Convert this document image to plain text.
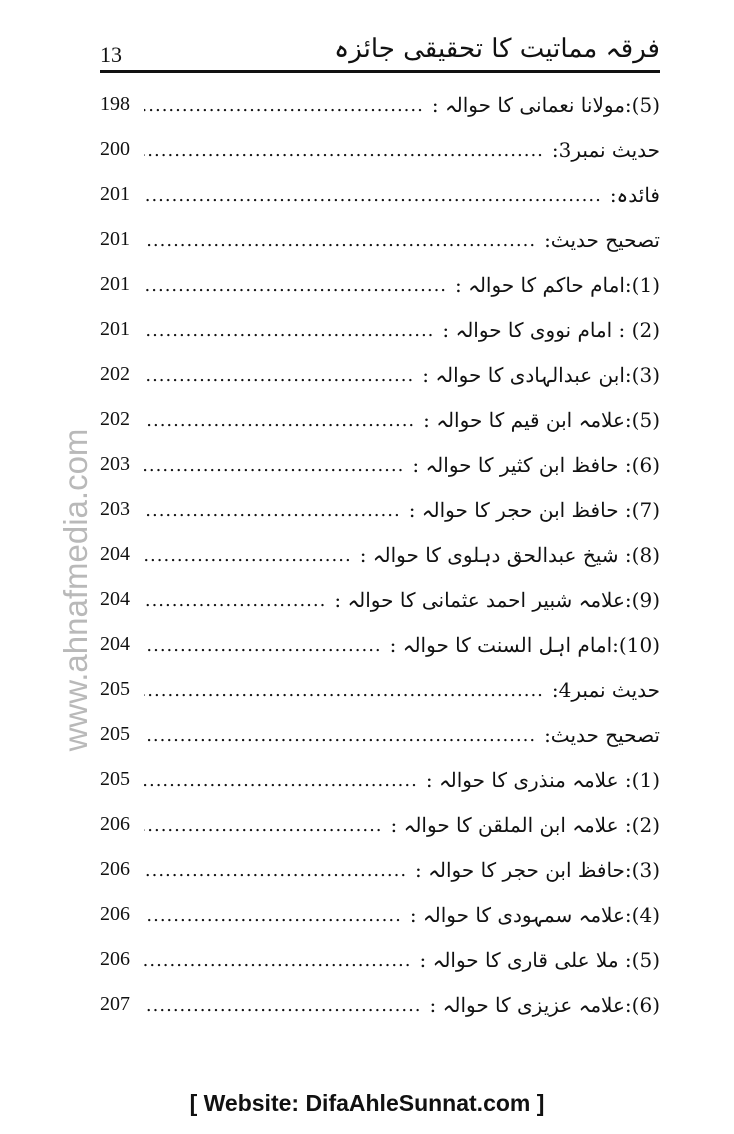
13	فرقہ مماتیت کا تحقیقی جائزہ
www.ahnafmedia.com
(5):مولانا نعمانی کا حوالہ :
.....
198
حدیث نمبر3:
.....
200
فائدہ:
.....
201
تصحیح حدیث:
.....
201
(1):امام حاکم کا حوالہ :
.....
201
(2) : امام نووی کا حوالہ :
.....
201
(3):ابن عبدالہادی کا حوالہ :
.....
202
(5):علامہ ابن قیم کا حوالہ :
.....
202
(6): حافظ ابن کثیر کا حوالہ :
.....
203
(7): حافظ ابن حجر کا حوالہ :
.....
203
(8): شیخ عبدالحق دہلوی کا حوالہ :
.....
204
(9):علامہ شبیر احمد عثمانی کا حوالہ :
.....
204
(10):امام اہل السنت کا حوالہ :
.....
204
حدیث نمبر4:
.....
205
تصحیح حدیث:
.....
205
(1): علامہ منذری کا حوالہ :
.....
205
(2): علامہ ابن الملقن کا حوالہ :
.....
206
(3):حافظ ابن حجر کا حوالہ :
.....
206
(4):علامہ سمہودی کا حوالہ :
.....
206
(5): ملا علی قاری کا حوالہ :
.....
206
(6):علامہ عزیزی کا حوالہ :
.....
207
[ Website: DifaAhleSunnat.com ]
